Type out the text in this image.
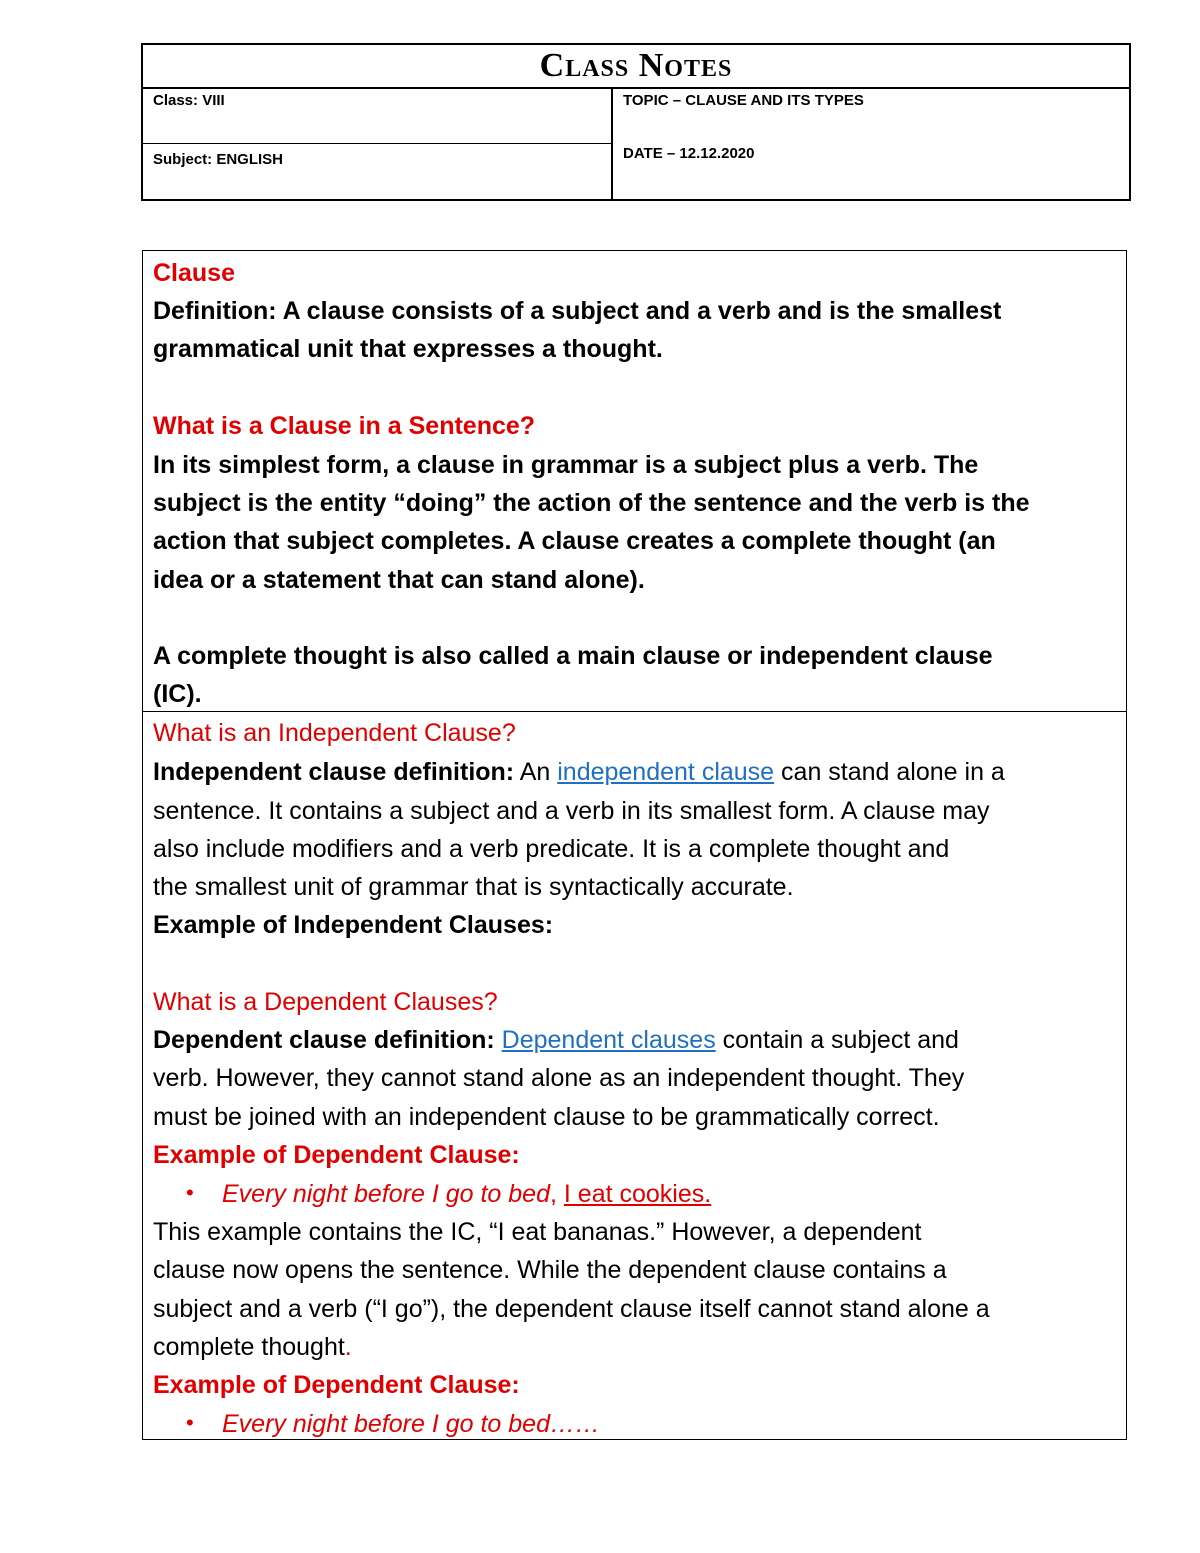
Class Notes
Class: VIII
Subject: ENGLISH
TOPIC – CLAUSE AND ITS TYPES
DATE – 12.12.2020
Clause
Definition: A clause consists of a subject and a verb and is the smallest
grammatical unit that expresses a thought.
What is a Clause in a Sentence?
In its simplest form, a clause in grammar is a subject plus a verb. The
subject is the entity “doing” the action of the sentence and the verb is the
action that subject completes. A clause creates a complete thought (an
idea or a statement that can stand alone).
A complete thought is also called a main clause or independent clause
(IC).
What is an Independent Clause?
Independent clause definition: An independent clause can stand alone in a
sentence. It contains a subject and a verb in its smallest form. A clause may
also include modifiers and a verb predicate. It is a complete thought and
the smallest unit of grammar that is syntactically accurate.
Example of Independent Clauses:
What is a Dependent Clauses?
Dependent clause definition: Dependent clauses contain a subject and
verb. However, they cannot stand alone as an independent thought. They
must be joined with an independent clause to be grammatically correct.
Example of Dependent Clause:
• Every night before I go to bed, I eat cookies.
This example contains the IC, “I eat bananas.” However, a dependent
clause now opens the sentence. While the dependent clause contains a
subject and a verb (“I go”), the dependent clause itself cannot stand alone a
complete thought.
Example of Dependent Clause:
• Every night before I go to bed……
